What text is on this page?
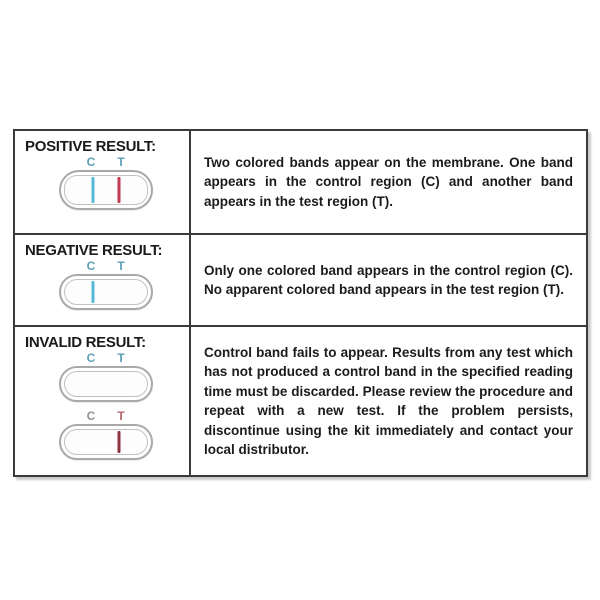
POSITIVE RESULT:
C T	Two colored bands appear on the membrane. One band appears in the control region (C) and another band appears in the test region (T).

NEGATIVE RESULT:
C T	Only one colored band appears in the control region (C). No apparent colored band appears in the test region (T).

INVALID RESULT:
C T
C T

Control band fails to appear. Results from any test which has not produced a control band in the specified reading time must be discarded. Please review the procedure and repeat with a new test. If the problem persists, discontinue using the kit immediately and contact your local distributor.
